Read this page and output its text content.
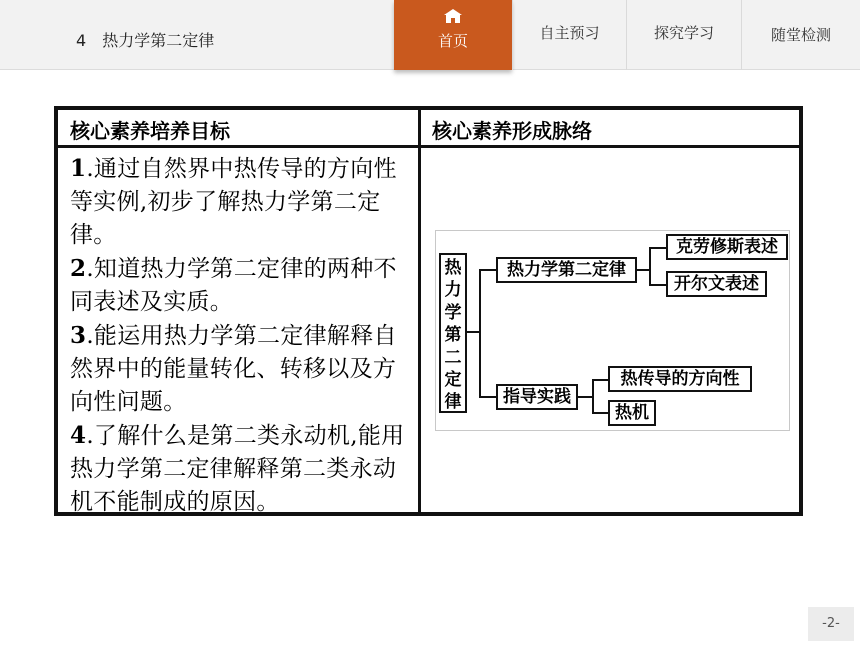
4 热力学第二定律	首页	自主预习	探究学习	随堂检测
核心素养培养目标	核心素养形成脉络
1.通过自然界中热传导的方向性等实例,初步了解热力学第二定律。
2.知道热力学第二定律的两种不同表述及实质。
3.能运用热力学第二定律解释自然界中的能量转化、转移以及方向性问题。
4.了解什么是第二类永动机,能用热力学第二定律解释第二类永动机不能制成的原因。
热力学第二定律
热力学第二定律
克劳修斯表述
开尔文表述
指导实践
热传导的方向性
热机
-2-
